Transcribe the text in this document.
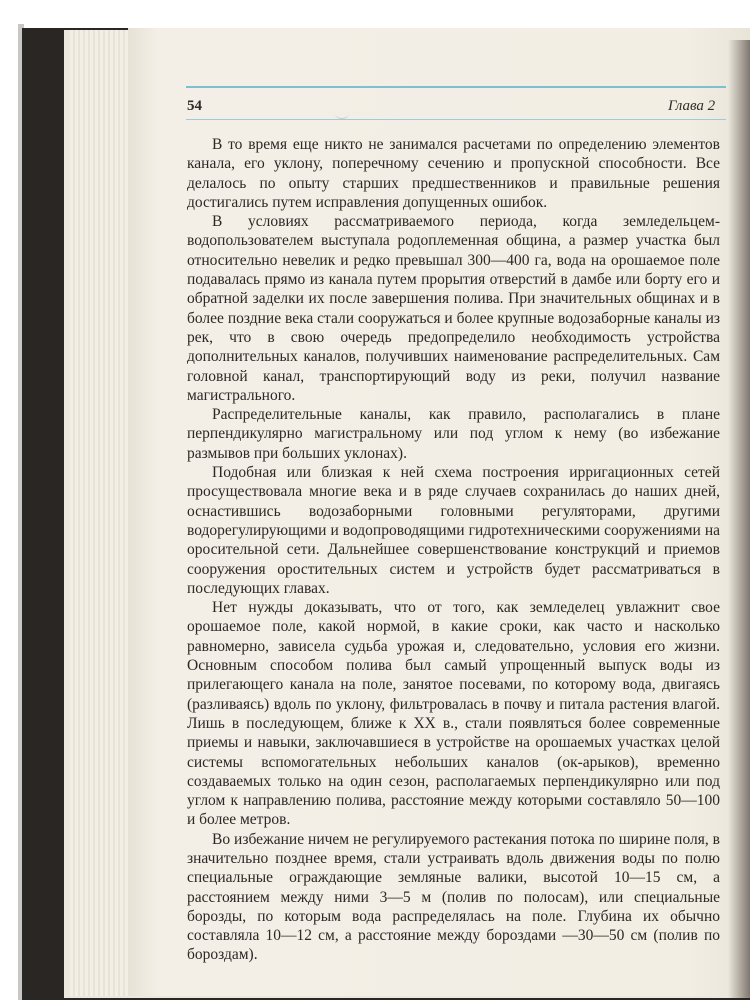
54	Глава 2

В то время еще никто не занимался расчетами по определению элементов канала, его уклону, поперечному сечению и пропускной способности. Все делалось по опыту старших предшественников и правильные решения достигались путем исправления допущенных ошибок.

В условиях рассматриваемого периода, когда земледельцем-водопользователем выступала родоплеменная община, а размер участка был относительно невелик и редко превышал 300—400 га, вода на орошаемое поле подавалась прямо из канала путем прорытия отверстий в дамбе или борту его и обратной заделки их после завершения полива. При значительных общинах и в более поздние века стали сооружаться и более крупные водозаборные каналы из рек, что в свою очередь предопределило необходимость устройства дополнительных каналов, получивших наименование распределительных. Сам головной канал, транспортирующий воду из реки, получил название магистрального.

Распределительные каналы, как правило, располагались в плане перпендикулярно магистральному или под углом к нему (во избежание размывов при больших уклонах).

Подобная или близкая к ней схема построения ирригационных сетей просуществовала многие века и в ряде случаев сохранилась до наших дней, оснастившись водозаборными головными регуляторами, другими водорегулирующими и водопроводящими гидротехническими сооружениями на оросительной сети. Дальнейшее совершенствование конструкций и приемов сооружения оростительных систем и устройств будет рассматриваться в последующих главах.

Нет нужды доказывать, что от того, как земледелец увлажнит свое орошаемое поле, какой нормой, в какие сроки, как часто и насколько равномерно, зависела судьба урожая и, следовательно, условия его жизни. Основным способом полива был самый упрощенный выпуск воды из прилегающего канала на поле, занятое посевами, по которому вода, двигаясь (разливаясь) вдоль по уклону, фильтровалась в почву и питала растения влагой. Лишь в последующем, ближе к XX в., стали появляться более современные приемы и навыки, заключавшиеся в устройстве на орошаемых участках целой системы вспомогательных небольших каналов (ок-арыков), временно создаваемых только на один сезон, располагаемых перпендикулярно или под углом к направлению полива, расстояние между которыми составляло 50—100 и более метров.

Во избежание ничем не регулируемого растекания потока по ширине поля, в значительно позднее время, стали устраивать вдоль движения воды по полю специальные ограждающие земляные валики, высотой 10—15 см, а расстоянием между ними 3—5 м (полив по полосам), или специальные борозды, по которым вода распределялась на поле. Глубина их обычно составляла 10—12 см, а расстояние между бороздами —30—50 см (полив по бороздам).
